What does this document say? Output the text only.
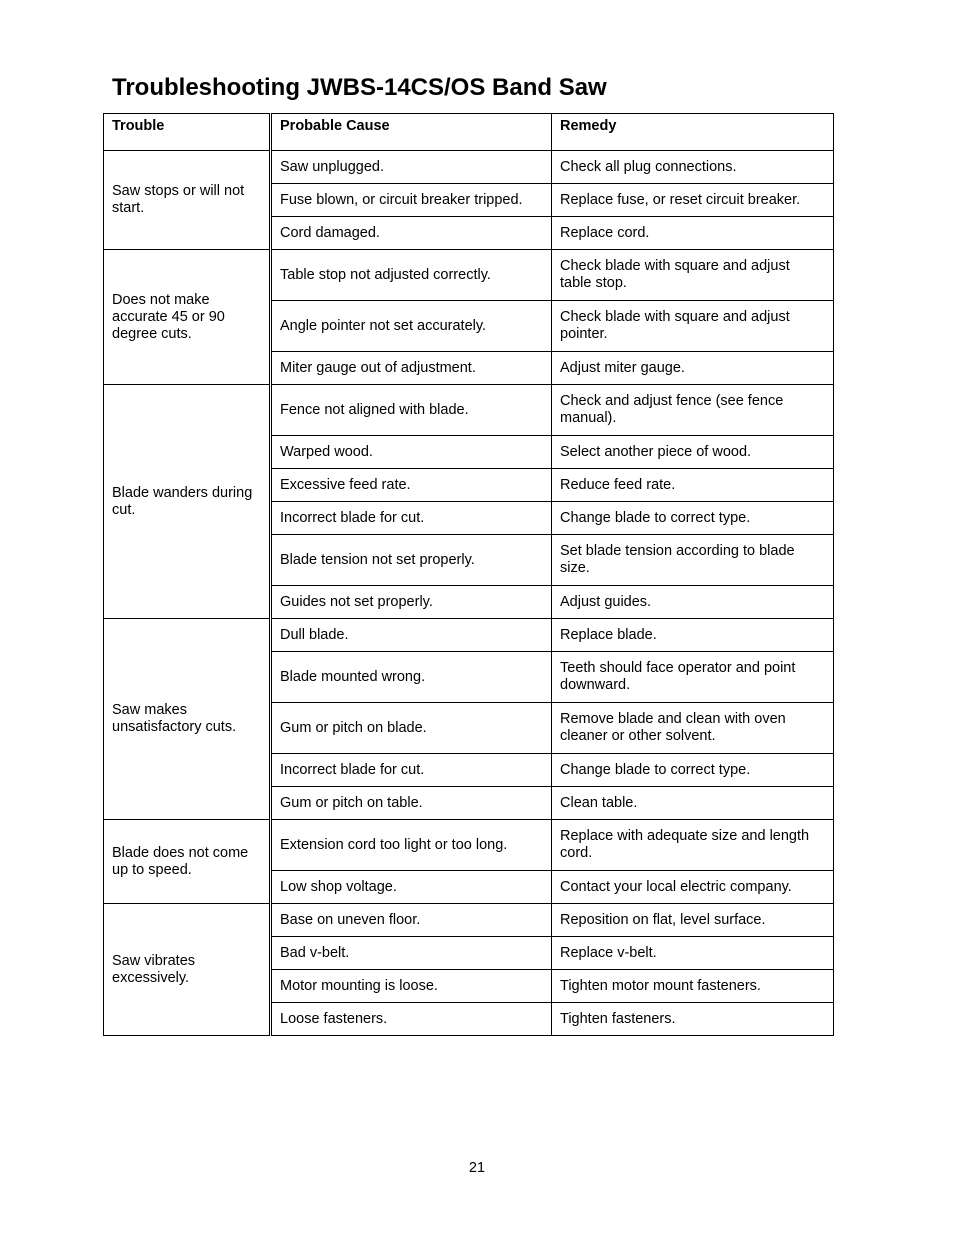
Troubleshooting JWBS-14CS/OS Band Saw
Trouble	Probable Cause	Remedy
Saw stops or will not start.	Saw unplugged.	Check all plug connections.
	Fuse blown, or circuit breaker tripped.	Replace fuse, or reset circuit breaker.
	Cord damaged.	Replace cord.
Does not make accurate 45 or 90 degree cuts.	Table stop not adjusted correctly.	Check blade with square and adjust table stop.
	Angle pointer not set accurately.	Check blade with square and adjust pointer.
	Miter gauge out of adjustment.	Adjust miter gauge.
Blade wanders during cut.	Fence not aligned with blade.	Check and adjust fence (see fence manual).
	Warped wood.	Select another piece of wood.
	Excessive feed rate.	Reduce feed rate.
	Incorrect blade for cut.	Change blade to correct type.
	Blade tension not set properly.	Set blade tension according to blade size.
	Guides not set properly.	Adjust guides.
Saw makes unsatisfactory cuts.	Dull blade.	Replace blade.
	Blade mounted wrong.	Teeth should face operator and point downward.
	Gum or pitch on blade.	Remove blade and clean with oven cleaner or other solvent.
	Incorrect blade for cut.	Change blade to correct type.
	Gum or pitch on table.	Clean table.
Blade does not come up to speed.	Extension cord too light or too long.	Replace with adequate size and length cord.
	Low shop voltage.	Contact your local electric company.
Saw vibrates excessively.	Base on uneven floor.	Reposition on flat, level surface.
	Bad v-belt.	Replace v-belt.
	Motor mounting is loose.	Tighten motor mount fasteners.
	Loose fasteners.	Tighten fasteners.
21
